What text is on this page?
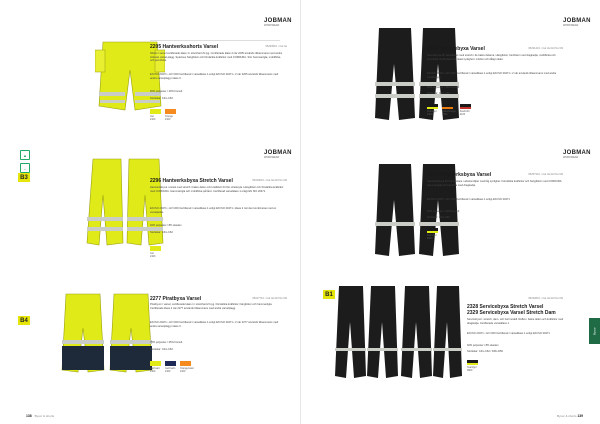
JOBMAN
WORKWEAR
2205 Hantverksshorts Varsel	65220510 • Cat 3a
Shorts i varsel certifierade klass 1 i stretchat HV-tyg. Certifierade klass 2 när 2205 används tillsammans med andra Jobman varsel-plagg. Spacious hängfickor och förstärkta knäfickor med CORDURA. Stor hammarögla, mobilficka och pennficka.
EN ISO 20471 • HV CD9 Certifierad / varselklass 1 enligt EN ISO 20471 • 2 när 2205 används tillsammans med andra varselplagg i klass 3.
60% polyester / 40% bomull
Storlekar: C44–C62
Gul
2100
Orange
2100
▲
↔
B3
JOBMAN
WORKWEAR
2296 Hantverksbyxa Stretch Varsel	65229610 • Cat 3a Ref No 6/9
Hantverksbyxa i varsel med stretch i bakre delen och knäfickor för fler rörelseyta. Hängfickor och förstärkta knäfickor med CORDURA. Hammarögla och mobilficka på låret. Certifierad varselklass 1 enligt EN ISO 20471.
EN ISO 20471 • HV CD9 Certifierad / varselklass 1 enligt EN ISO 20471 • klass 2 när den kombineras med en varseljacka.
92% polyester / 8% elastan
Storlekar: C44–C62
Gul
2100
B4
2277 Piratbyxa Varsel	65227710 • Cat 3a Ref No 6/9
Piratbyxor i varsel, certifierade klass 1 i stretchat HV-tyg. Förstärkta knäfickor, hängfickor och hammarögla. Certifierade klass 2 när 2277 används tillsammans med andra varselplagg.
EN ISO 20471 • HV CD9 Certifierad / varselklass 1 enligt EN ISO 20471 • 2 när 2277 används tillsammans med andra varselplagg i klass 3.
75% polyester / 25% bomull
Storlekar: C44–C62
Gul/svart
2100
Gul/marin
2100
Orange/svart
2100
138 Byxor & shorts
JOBMAN
WORKWEAR
2314 Servicebyxa Varsel	65231410 • Cat 3a Ref No 6/9
Servicebyxa för varselklass med stretch i de bakre delarna. Hängfickor, benfickor med dragkedja, mobilficka och pennficka. Reflexband för ökad synlighet i mörker och dåligt väder.
EN ISO 20471 • HV CD9 Certifierad / varselklass 1 enligt EN ISO 20471 • 2 när används tillsammans med andra varselplagg.
65% polyester / 35% bomull
Storlekar: C44–C62
Svart/gul
2100
Svart/orange
2100
Svart/rött
2100
JOBMAN
WORKWEAR
2573 Hantverksbyxa Varsel	65257310 • Cat 3a Ref No 6/9
Hantverksbyxa för hantverkare i arbetsmiljöer med låg synlighet. Förstärkta knäfickor och hängfickor med CORDURA. Hammarögla och benficka med dragkedja.
EN ISO 20471 • HV CD9 Certifierad / varselklass 1 enligt EN ISO 20471
60% polyester / 40% bomull
Storlekar: C44–C62
Svart/gul
9900
B1
65232810 • Cat 3a Ref No 6/9
2328 Servicebyxa Stretch Varsel
2329 Servicebyxa Varsel Stretch Dam
Servicebyxor i stretch, dam- och herrmodell. Reflex i bakre delen och knäfickor med dragkedja. Certifierade varselklass 1.
EN ISO 20471 • HV CD9 Certifierad / varselklass 1 enligt EN ISO 20471
92% polyester / 8% elastan
Storlekar: C44–C62 / D36–D50
Svart/gul
9900
Byxor
Byxor & shorts 139
